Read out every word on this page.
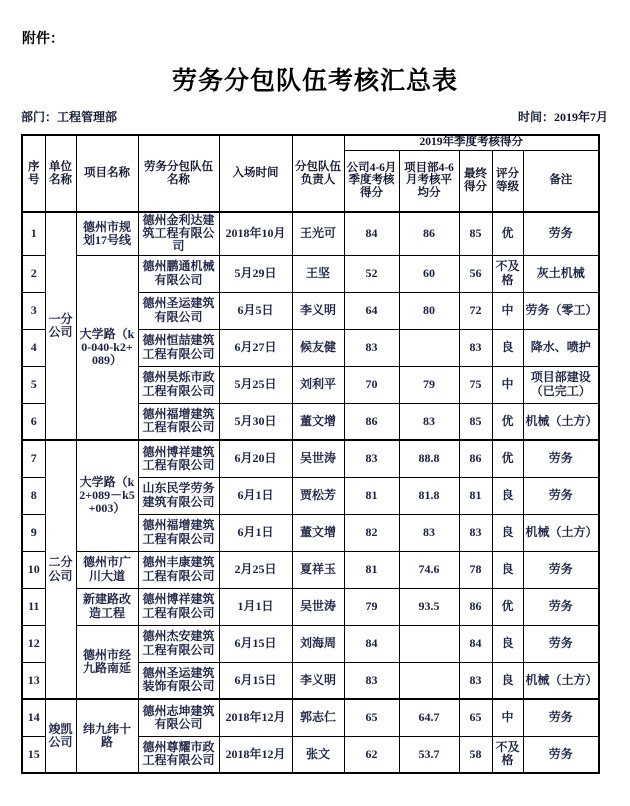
附件：
劳务分包队伍考核汇总表
部门：工程管理部	时间：2019年7月
序号	单位名称	项目名称	劳务分包队伍名称	入场时间	分包队伍负责人	2019年季度考核得分				
						公司4-6月季度考核得分	项目部4-6月考核平均分	最终得分	评分等级	备注
1	一分公司	德州市规划17号线	德州金利达建筑工程有限公司	2018年10月	王光可	84	86	85	优	劳务
2		大学路（k0-040-k2+089）	德州鹏通机械有限公司	5月29日	王坚	52	60	56	不及格	灰土机械
3			德州圣运建筑有限公司	6月5日	李义明	64	80	72	中	劳务（零工）
4			德州恒喆建筑工程有限公司	6月27日	候友健	83		83	良	降水、喷护
5			德州昊烁市政工程有限公司	5月25日	刘利平	70	79	75	中	项目部建设（已完工）
6			德州福增建筑工程有限公司	5月30日	董文增	86	83	85	优	机械（土方）
7	二分公司	大学路（k2+089－k5+003）	德州博祥建筑工程有限公司	6月20日	吴世涛	83	88.8	86	优	劳务
8			山东民学劳务建筑有限公司	6月1日	贾松芳	81	81.8	81	良	劳务
9			德州福增建筑工程有限公司	6月1日	董文增	82	83	83	良	机械（土方）
10		德州市广川大道	德州丰康建筑工程有限公司	2月25日	夏祥玉	81	74.6	78	良	劳务
11		新建路改造工程	德州博祥建筑工程有限公司	1月1日	吴世涛	79	93.5	86	优	劳务
12		德州市经九路南延	德州杰安建筑工程有限公司	6月15日	刘海周	84		84	良	劳务
13			德州圣运建筑装饰有限公司	6月15日	李义明	83		83	良	机械（土方）
14	竣凯公司	纬九纬十路	德州志坤建筑有限公司	2018年12月	郭志仁	65	64.7	65	中	劳务
15			德州尊耀市政工程有限公司	2018年12月	张文	62	53.7	58	不及格	劳务
